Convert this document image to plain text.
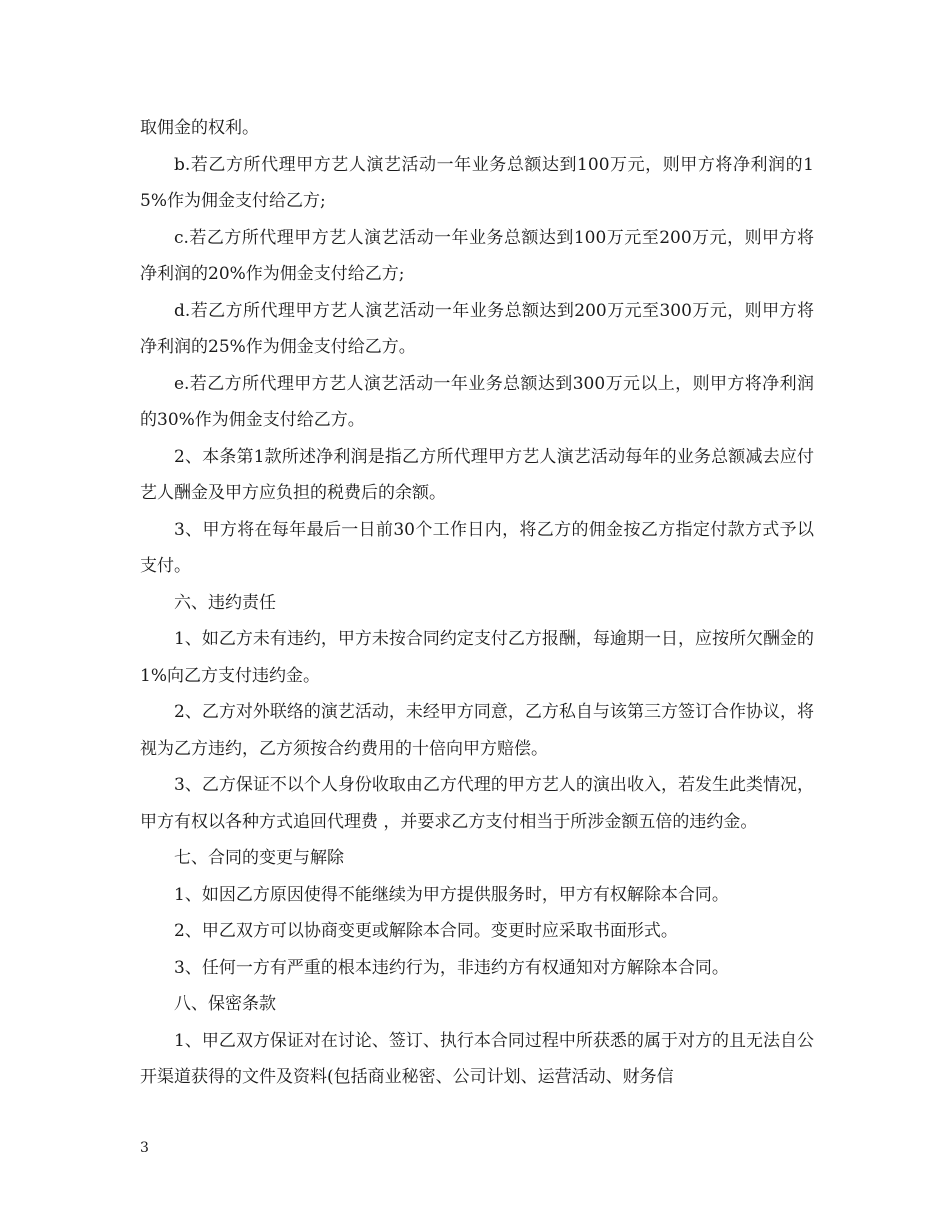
取佣金的权利。

b.若乙方所代理甲方艺人演艺活动一年业务总额达到100万元，则甲方将净利润的15%作为佣金支付给乙方;

c.若乙方所代理甲方艺人演艺活动一年业务总额达到100万元至200万元，则甲方将净利润的20%作为佣金支付给乙方;

d.若乙方所代理甲方艺人演艺活动一年业务总额达到200万元至300万元，则甲方将净利润的25%作为佣金支付给乙方。

e.若乙方所代理甲方艺人演艺活动一年业务总额达到300万元以上，则甲方将净利润的30%作为佣金支付给乙方。

2、本条第1款所述净利润是指乙方所代理甲方艺人演艺活动每年的业务总额减去应付艺人酬金及甲方应负担的税费后的余额。

3、甲方将在每年最后一日前30个工作日内，将乙方的佣金按乙方指定付款方式予以支付。

六、违约责任

1、如乙方未有违约，甲方未按合同约定支付乙方报酬，每逾期一日，应按所欠酬金的1%向乙方支付违约金。

2、乙方对外联络的演艺活动，未经甲方同意，乙方私自与该第三方签订合作协议，将视为乙方违约，乙方须按合约费用的十倍向甲方赔偿。

3、乙方保证不以个人身份收取由乙方代理的甲方艺人的演出收入，若发生此类情况，甲方有权以各种方式追回代理费 ，并要求乙方支付相当于所涉金额五倍的违约金。

七、合同的变更与解除

1、如因乙方原因使得不能继续为甲方提供服务时，甲方有权解除本合同。

2、甲乙双方可以协商变更或解除本合同。变更时应采取书面形式。

3、任何一方有严重的根本违约行为，非违约方有权通知对方解除本合同。

八、保密条款

1、甲乙双方保证对在讨论、签订、执行本合同过程中所获悉的属于对方的且无法自公开渠道获得的文件及资料(包括商业秘密、公司计划、运营活动、财务信

3
